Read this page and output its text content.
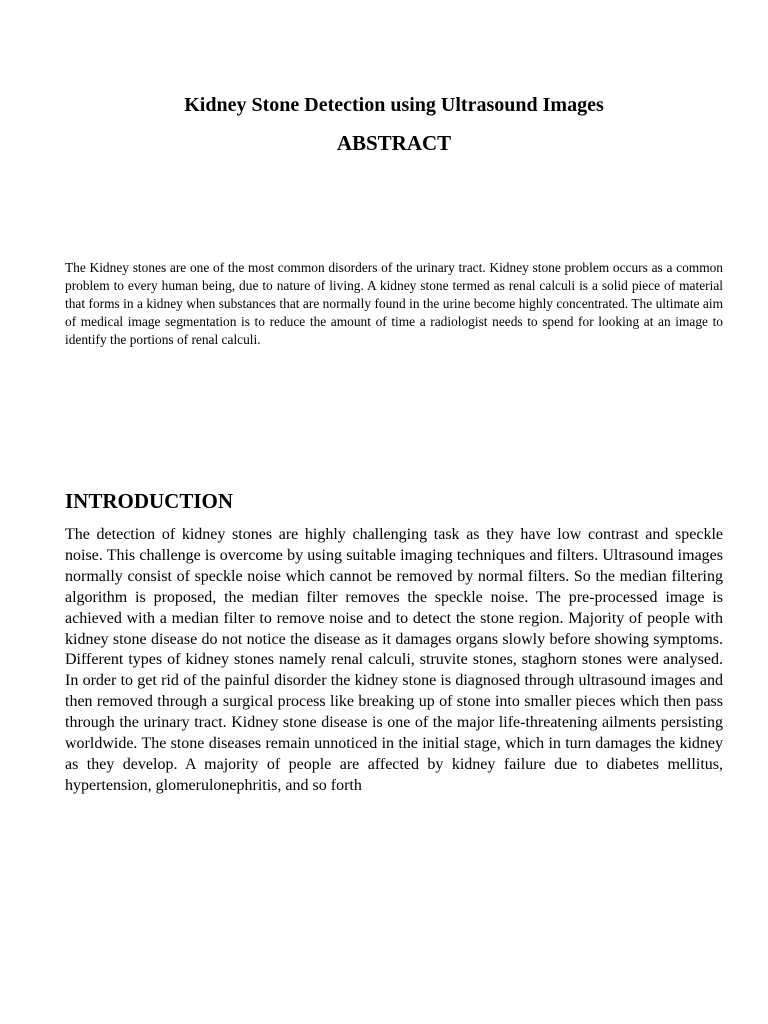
Kidney Stone Detection using Ultrasound Images
ABSTRACT

The Kidney stones are one of the most common disorders of the urinary tract. Kidney stone problem occurs as a common problem to every human being, due to nature of living. A kidney stone termed as renal calculi is a solid piece of material that forms in a kidney when substances that are normally found in the urine become highly concentrated. The ultimate aim of medical image segmentation is to reduce the amount of time a radiologist needs to spend for looking at an image to identify the portions of renal calculi.

INTRODUCTION

The detection of kidney stones are highly challenging task as they have low contrast and speckle noise. This challenge is overcome by using suitable imaging techniques and filters. Ultrasound images normally consist of speckle noise which cannot be removed by normal filters. So the median filtering algorithm is proposed, the median filter removes the speckle noise. The pre-processed image is achieved with a median filter to remove noise and to detect the stone region. Majority of people with kidney stone disease do not notice the disease as it damages organs slowly before showing symptoms. Different types of kidney stones namely renal calculi, struvite stones, staghorn stones were analysed. In order to get rid of the painful disorder the kidney stone is diagnosed through ultrasound images and then removed through a surgical process like breaking up of stone into smaller pieces which then pass through the urinary tract. Kidney stone disease is one of the major life-threatening ailments persisting worldwide. The stone diseases remain unnoticed in the initial stage, which in turn damages the kidney as they develop. A majority of people are affected by kidney failure due to diabetes mellitus, hypertension, glomerulonephritis, and so forth
